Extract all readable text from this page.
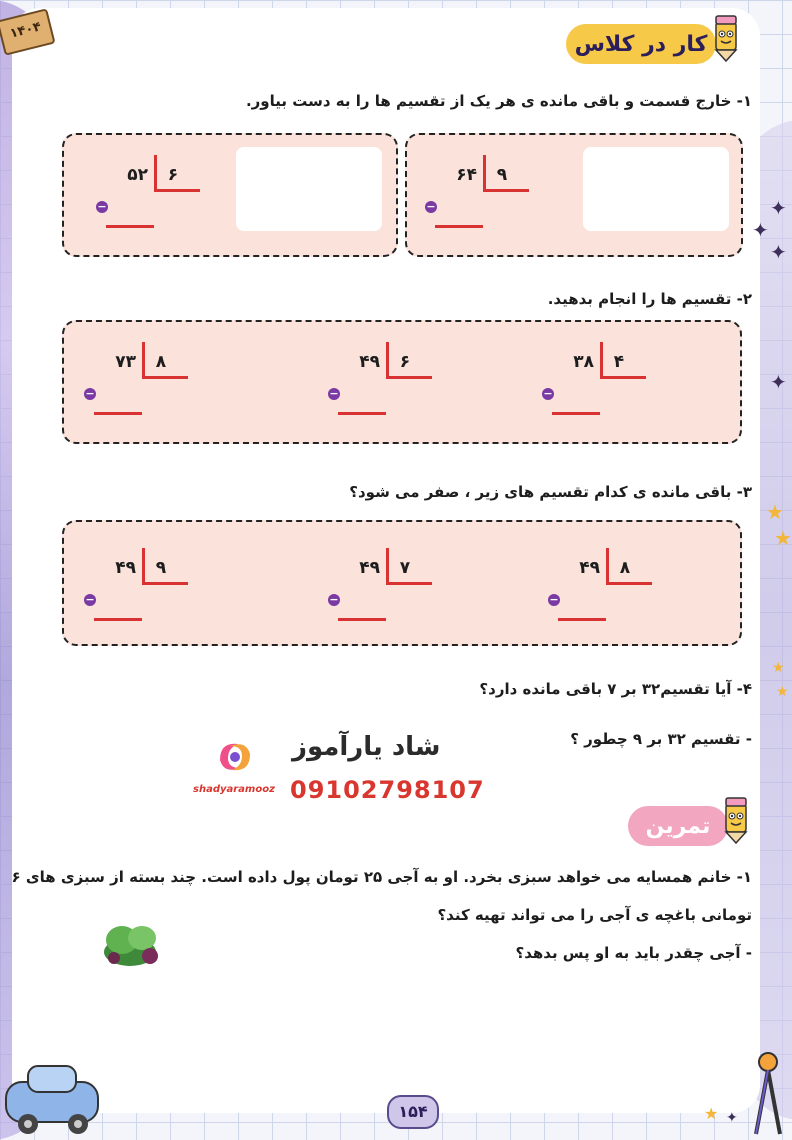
۱۴۰۴
کار در کلاس
۱- خارج قسمت و باقی مانده ی هر یک از تقسیم ها را به دست بیاور.
۵۲	۶
−
۶۴	۹
−
۲- تقسیم ها را انجام بدهید.
۷۳	۸
−
۴۹	۶
−
۳۸	۴
−
۳- باقی مانده ی کدام تقسیم های زیر ، صفر می شود؟
۴۹	۹
−
۴۹	۷
−
۴۹	۸
−
۴- آیا تقسیم۳۲ بر ۷ باقی مانده دارد؟
- تقسیم ۳۲ بر ۹ چطور ؟
شاد یارآموز
shadyaramooz 09102798107
تمرین
۱- خانم همسایه می خواهد سبزی بخرد. او به آجی ۲۵ تومان پول داده است. چند بسته از سبزی های ۶
تومانی باغچه ی آجی را می تواند تهیه کند؟
- آجی چقدر باید به او پس بدهد؟
✦
✦
✦
✦
★
★
★
★
★ ✦
۱۵۴
